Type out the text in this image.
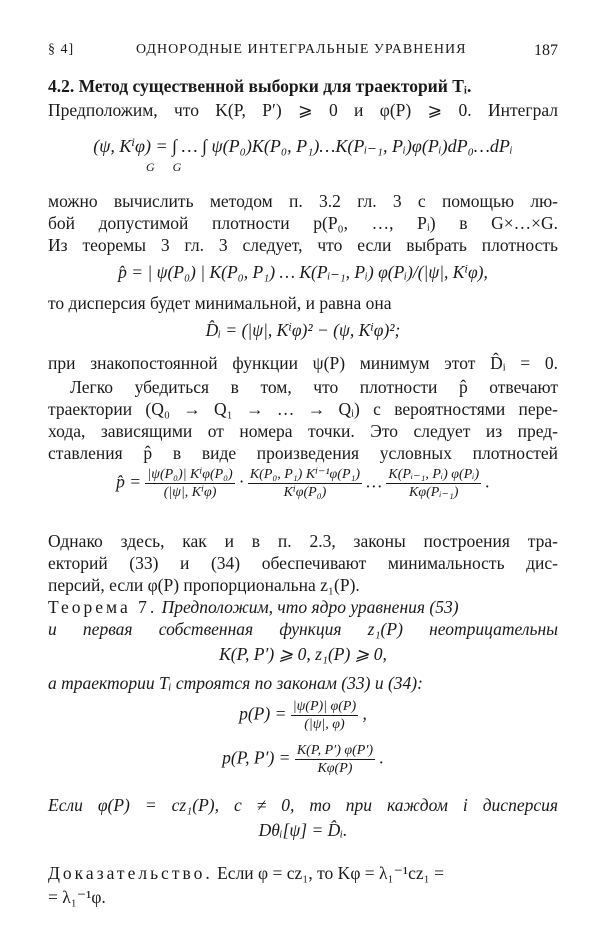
§ 4]	ОДНОРОДНЫЕ ИНТЕГРАЛЬНЫЕ УРАВНЕНИЯ	187
4.2. Метод существенной выборки для траекторий Tᵢ.
Предположим, что K(P, P′) ⩾ 0 и φ(P) ⩾ 0. Интеграл
(ψ, Kⁱφ) = ∫ … ∫ ψ(P₀)K(P₀, P₁)…K(Pᵢ₋₁, Pᵢ)φ(Pᵢ)dP₀…dPᵢ
G      G
можно вычислить методом п. 3.2 гл. 3 с помощью лю-
бой допустимой плотности p(P₀, …, Pᵢ) в G×…×G.
Из теоремы 3 гл. 3 следует, что если выбрать плотность
p̂ = | ψ(P₀) | K(P₀, P₁) … K(Pᵢ₋₁, Pᵢ) φ(Pᵢ)/(|ψ|, Kⁱφ),
то дисперсия будет минимальной, и равна она
D̂ᵢ = (|ψ|, Kⁱφ)² − (ψ, Kⁱφ)²;
при знакопостоянной функции ψ(P) минимум этот D̂ᵢ = 0.
Легко убедиться в том, что плотности p̂ отвечают
траектории (Q₀ → Q₁ → … → Qᵢ) с вероятностями пере-
хода, зависящими от номера точки. Это следует из пред-
ставления p̂ в виде произведения условных плотностей
p̂ = $\frac{\text{|ψ(P₀)| Kⁱφ(P₀)}}{\text{(|ψ|, Kⁱφ)}} \cdot \frac{\text{K(P₀, P₁) Kⁱ⁻¹φ(P₁)}}{\text{Kⁱφ(P₀)}}$ … $\frac{\text{K(Pᵢ₋₁, Pᵢ) φ(Pᵢ)}}{\text{Kφ(Pᵢ₋₁)}}$ .
Однако здесь, как и в п. 2.3, законы построения тра-
екторий (33) и (34) обеспечивают минимальность дис-
персий, если φ(P) пропорциональна z₁(P).
Теорема 7. Предположим, что ядро уравнения (53)
и первая собственная функция z₁(P) неотрицательны
K(P, P′) ⩾ 0, z₁(P) ⩾ 0,
а траектории Tᵢ строятся по законам (33) и (34):
$p(P) = \frac{|\psi(P)| \varphi(P)}{(|\psi|, \varphi)}$ ,
p(P, $P') = \frac{K(P, P') \varphi(P')}{K\varphi(P)}$ .
Если φ(P) = cz₁(P), c ≠ 0, то при каждом i дисперсия
Dθᵢ[ψ] = D̂ᵢ.
Доказательство. Если φ = cz₁, то Kφ = λ₁⁻¹cz₁ =
= λ₁⁻¹φ.
